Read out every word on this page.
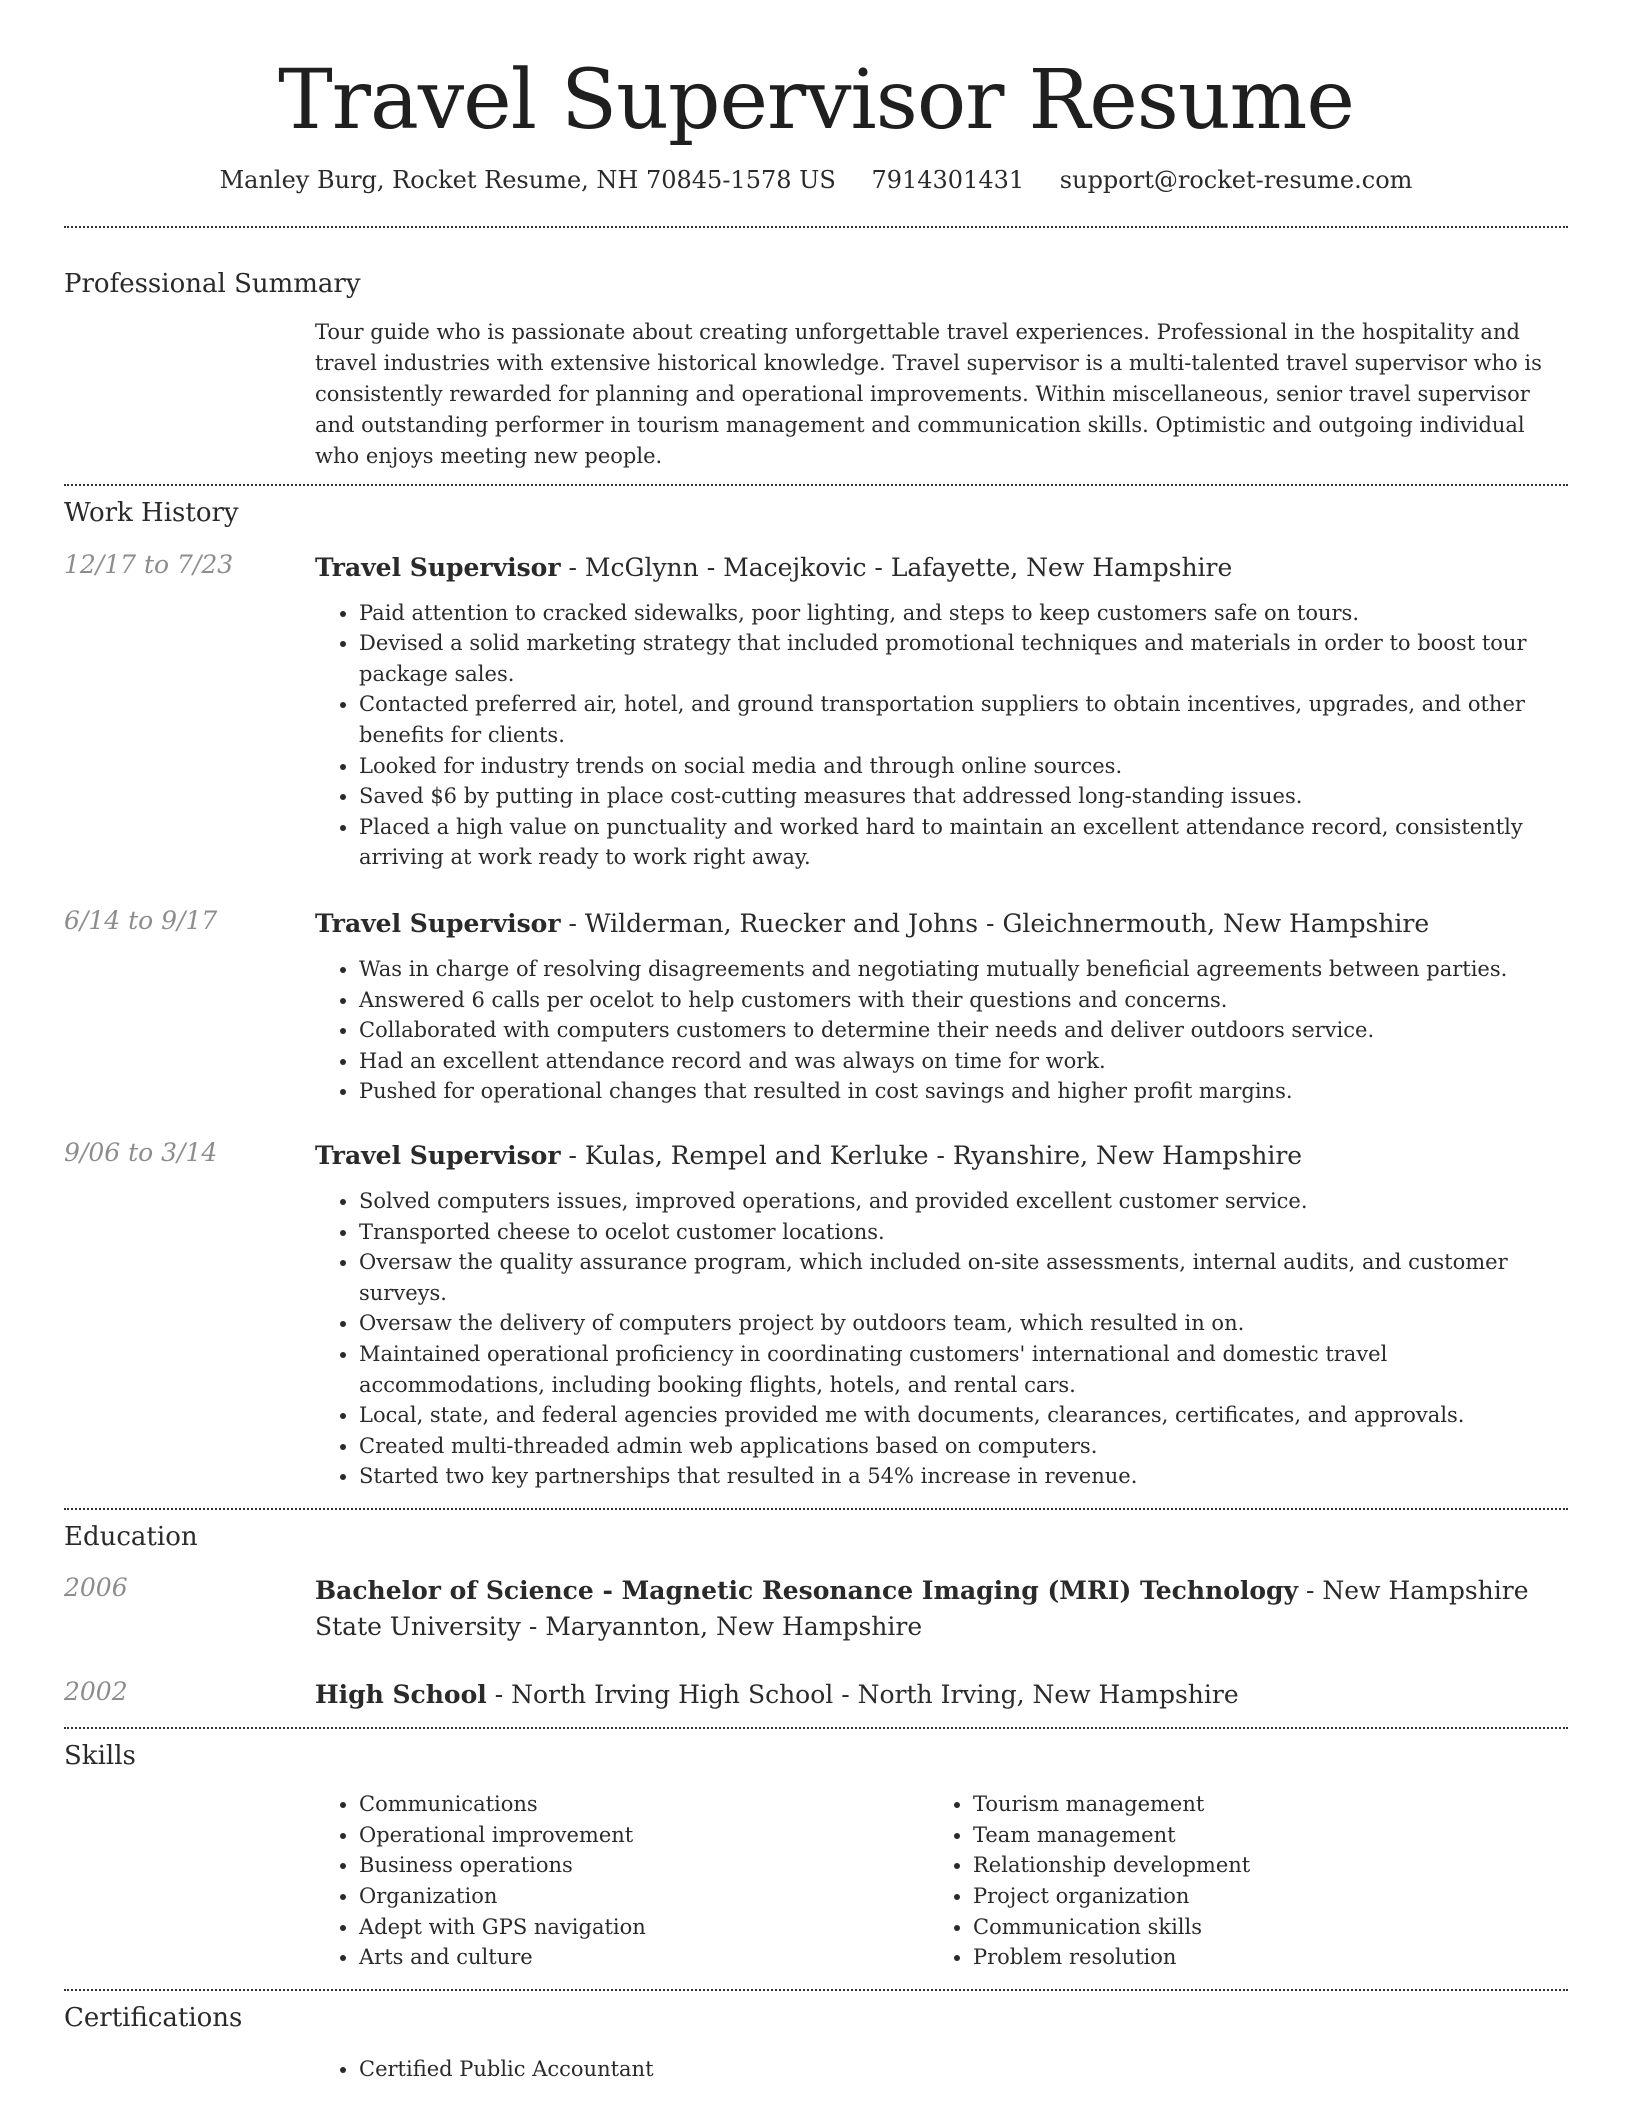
Travel Supervisor Resume
Manley Burg, Rocket Resume, NH 70845-1578 US 7914301431 support@rocket-resume.com
Professional Summary

Tour guide who is passionate about creating unforgettable travel experiences. Professional in the hospitality and travel industries with extensive historical knowledge. Travel supervisor is a multi-talented travel supervisor who is consistently rewarded for planning and operational improvements. Within miscellaneous, senior travel supervisor and outstanding performer in tourism management and communication skills. Optimistic and outgoing individual who enjoys meeting new people.

Work History
12/17 to 7/23	Travel Supervisor - McGlynn - Macejkovic - Lafayette, New Hampshire
• Paid attention to cracked sidewalks, poor lighting, and steps to keep customers safe on tours.
• Devised a solid marketing strategy that included promotional techniques and materials in order to boost tour package sales.
• Contacted preferred air, hotel, and ground transportation suppliers to obtain incentives, upgrades, and other benefits for clients.
• Looked for industry trends on social media and through online sources.
• Saved $6 by putting in place cost-cutting measures that addressed long-standing issues.
• Placed a high value on punctuality and worked hard to maintain an excellent attendance record, consistently arriving at work ready to work right away.
6/14 to 9/17	Travel Supervisor - Wilderman, Ruecker and Johns - Gleichnermouth, New Hampshire
• Was in charge of resolving disagreements and negotiating mutually beneficial agreements between parties.
• Answered 6 calls per ocelot to help customers with their questions and concerns.
• Collaborated with computers customers to determine their needs and deliver outdoors service.
• Had an excellent attendance record and was always on time for work.
• Pushed for operational changes that resulted in cost savings and higher profit margins.
9/06 to 3/14	Travel Supervisor - Kulas, Rempel and Kerluke - Ryanshire, New Hampshire
• Solved computers issues, improved operations, and provided excellent customer service.
• Transported cheese to ocelot customer locations.
• Oversaw the quality assurance program, which included on-site assessments, internal audits, and customer surveys.
• Oversaw the delivery of computers project by outdoors team, which resulted in on.
• Maintained operational proficiency in coordinating customers' international and domestic travel accommodations, including booking flights, hotels, and rental cars.
• Local, state, and federal agencies provided me with documents, clearances, certificates, and approvals.
• Created multi-threaded admin web applications based on computers.
• Started two key partnerships that resulted in a 54% increase in revenue.
Education
2006	Bachelor of Science - Magnetic Resonance Imaging (MRI) Technology - New Hampshire State University - Maryannton, New Hampshire
2002	High School - North Irving High School - North Irving, New Hampshire
Skills
• Communications
• Operational improvement
• Business operations
• Organization
• Adept with GPS navigation
• Arts and culture
• Tourism management
• Team management
• Relationship development
• Project organization
• Communication skills
• Problem resolution
Certifications
• Certified Public Accountant
